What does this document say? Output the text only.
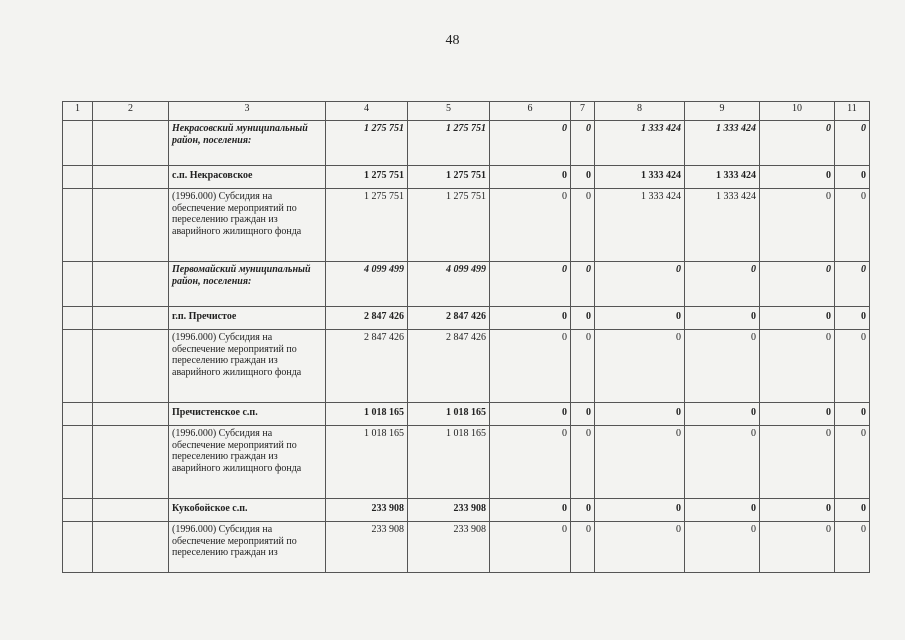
48
1	2	3	4	5	6	7	8	9	10	11
		Некрасовский муниципальный район, поселения:	1 275 751	1 275 751	0	0	1 333 424	1 333 424	0	0
		с.п. Некрасовское	1 275 751	1 275 751	0	0	1 333 424	1 333 424	0	0
		(1996.000) Субсидия на обеспечение мероприятий по переселению граждан из аварийного жилищного фонда	1 275 751	1 275 751	0	0	1 333 424	1 333 424	0	0
		Первомайский муниципальный район, поселения:	4 099 499	4 099 499	0	0	0	0	0	0
		г.п. Пречистое	2 847 426	2 847 426	0	0	0	0	0	0
		(1996.000) Субсидия на обеспечение мероприятий по переселению граждан из аварийного жилищного фонда	2 847 426	2 847 426	0	0	0	0	0	0
		Пречистенское с.п.	1 018 165	1 018 165	0	0	0	0	0	0
		(1996.000) Субсидия на обеспечение мероприятий по переселению граждан из аварийного жилищного фонда	1 018 165	1 018 165	0	0	0	0	0	0
		Кукобойское с.п.	233 908	233 908	0	0	0	0	0	0
		(1996.000) Субсидия на обеспечение мероприятий по переселению граждан из	233 908	233 908	0	0	0	0	0	0
